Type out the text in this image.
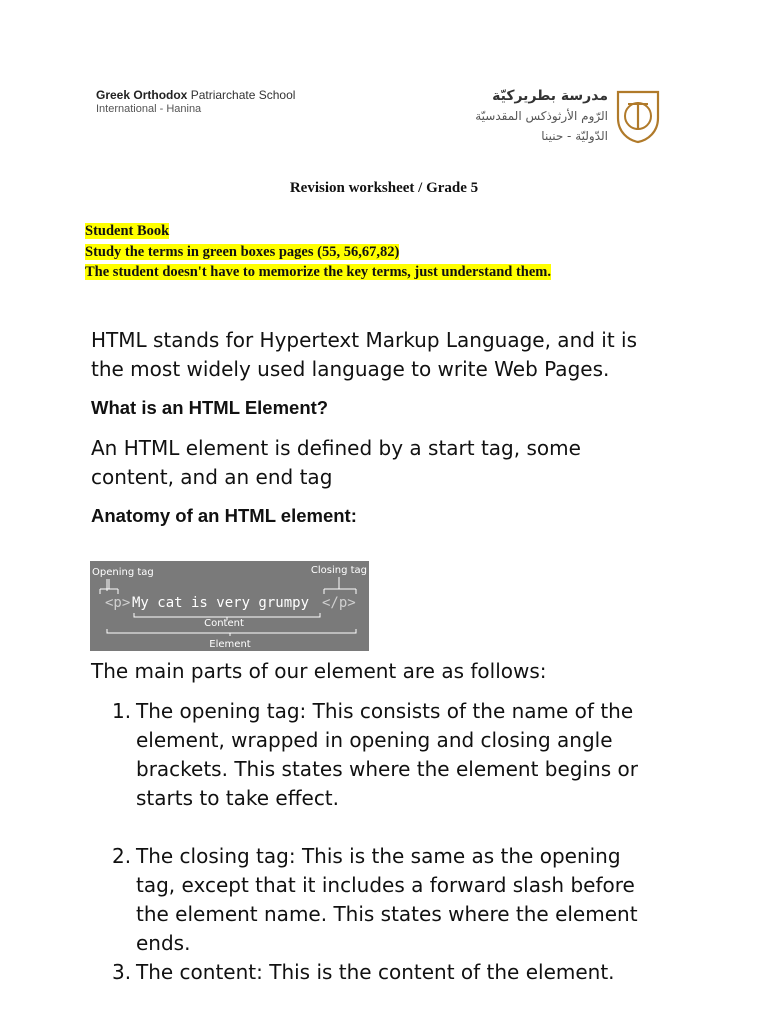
Greek Orthodox Patriarchate School
International - Hanina
مدرسة بطريركيّة
الرّوم الأرثوذكس المقدسيّة
الدّوليّة - حنينا
Revision worksheet / Grade 5
Student Book
Study the terms in green boxes pages (55, 56,67,82)
The student doesn't have to memorize the key terms, just understand them.
HTML stands for Hypertext Markup Language, and it is
the most widely used language to write Web Pages.
What is an HTML Element?
An HTML element is defined by a start tag, some
content, and an end tag
Anatomy of an HTML element:
Opening tag	Closing tag
<p> My cat is very grumpy </p>
Content
Element
The main parts of our element are as follows:
1. The opening tag: This consists of the name of the
element, wrapped in opening and closing angle
brackets. This states where the element begins or
starts to take effect.
2. The closing tag: This is the same as the opening
tag, except that it includes a forward slash before
the element name. This states where the element
ends.
3. The content: This is the content of the element.
